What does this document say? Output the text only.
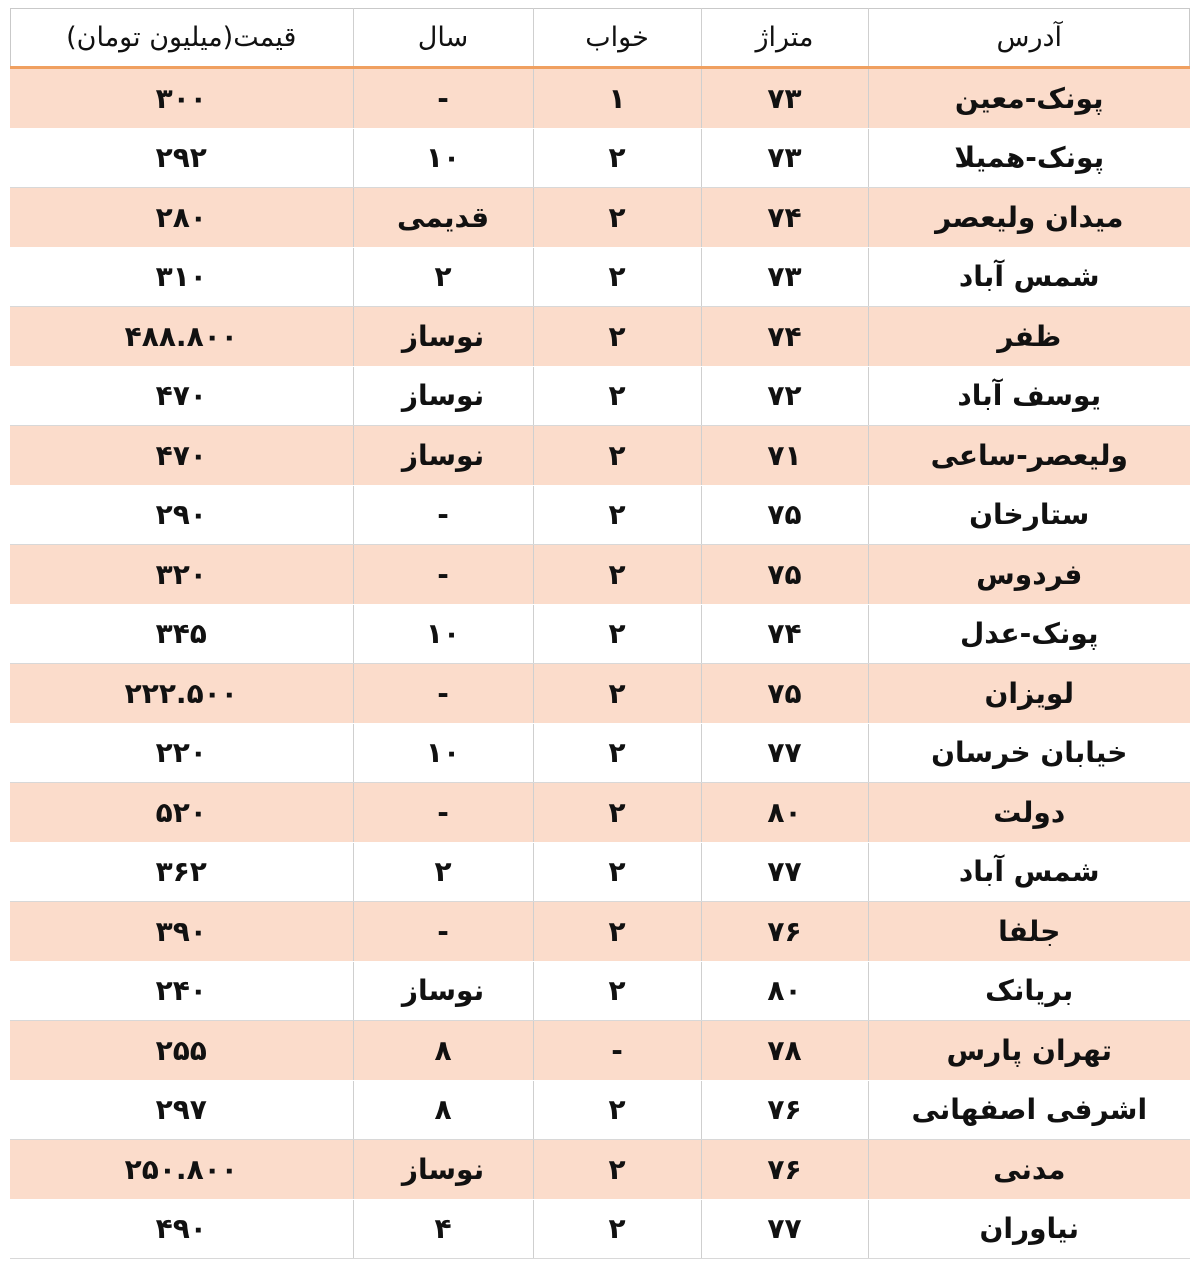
آدرس	متراژ	خواب	سال	قیمت(میلیون تومان)
پونک-معین	۷۳	۱	-	۳۰۰
پونک-همیلا	۷۳	۲	۱۰	۲۹۲
میدان ولیعصر	۷۴	۲	قدیمی	۲۸۰
شمس آباد	۷۳	۲	۲	۳۱۰
ظفر	۷۴	۲	نوساز	۴۸۸.۸۰۰
یوسف آباد	۷۲	۲	نوساز	۴۷۰
ولیعصر-ساعی	۷۱	۲	نوساز	۴۷۰
ستارخان	۷۵	۲	-	۲۹۰
فردوس	۷۵	۲	-	۳۲۰
پونک-عدل	۷۴	۲	۱۰	۳۴۵
لویزان	۷۵	۲	-	۲۲۲.۵۰۰
خیابان خرسان	۷۷	۲	۱۰	۲۲۰
دولت	۸۰	۲	-	۵۲۰
شمس آباد	۷۷	۲	۲	۳۶۲
جلفا	۷۶	۲	-	۳۹۰
بریانک	۸۰	۲	نوساز	۲۴۰
تهران پارس	۷۸	-	۸	۲۵۵
اشرفی اصفهانی	۷۶	۲	۸	۲۹۷
مدنی	۷۶	۲	نوساز	۲۵۰.۸۰۰
نیاوران	۷۷	۲	۴	۴۹۰
